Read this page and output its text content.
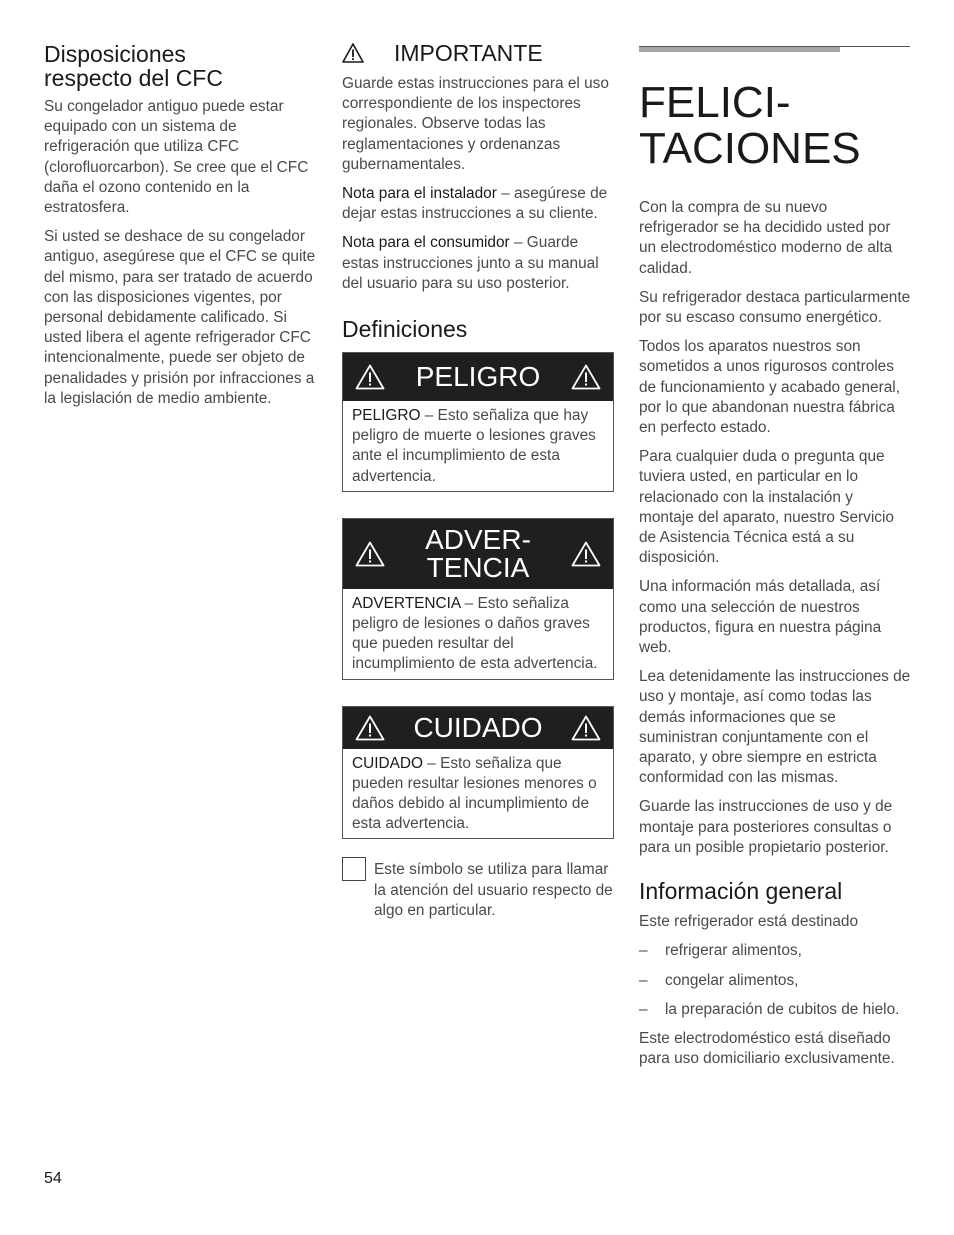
Disposiciones
respecto del CFC

Su congelador antiguo puede estar equipado con un sistema de refrigeración que utiliza CFC (clorofluorcarbon). Se cree que el CFC daña el ozono contenido en la estratosfera.

Si usted se deshace de su congelador antiguo, asegúrese que el CFC se quite del mismo, para ser tratado de acuerdo con las disposiciones vigentes, por personal debidamente calificado. Si usted libera el agente refrigerador CFC intencionalmente, puede ser objeto de penalidades y prisión por infracciones a la legislación de medio ambiente.

IMPORTANTE

Guarde estas instrucciones para el uso correspondiente de los inspectores regionales. Observe todas las reglamentaciones y ordenanzas gubernamentales.

Nota para el instalador – asegúrese de dejar estas instrucciones a su cliente.

Nota para el consumidor – Guarde estas instrucciones junto a su manual del usuario para su uso posterior.

Definiciones
PELIGRO

PELIGRO – Esto señaliza que hay peligro de muerte o lesiones graves ante el incumplimiento de esta advertencia.

ADVER-
TENCIA

ADVERTENCIA – Esto señaliza peligro de lesiones o daños graves que pueden resultar del incumplimiento de esta advertencia.

CUIDADO

CUIDADO – Esto señaliza que pueden resultar lesiones menores o daños debido al incumplimiento de esta advertencia.

Este símbolo se utiliza para llamar la atención del usuario respecto de algo en particular.

FELICI-
TACIONES

Con la compra de su nuevo refrigerador se ha decidido usted por un electrodoméstico moderno de alta calidad.

Su refrigerador destaca particularmente por su escaso consumo energético.

Todos los aparatos nuestros son sometidos a unos rigurosos controles de funcionamiento y acabado general, por lo que abandonan nuestra fábrica en perfecto estado.

Para cualquier duda o pregunta que tuviera usted, en particular en lo relacionado con la instalación y montaje del aparato, nuestro Servicio de Asistencia Técnica está a su disposición.

Una información más detallada, así como una selección de nuestros productos, figura en nuestra página web.

Lea detenidamente las instrucciones de uso y montaje, así como todas las demás informaciones que se suministran conjuntamente con el aparato, y obre siempre en estricta conformidad con las mismas.

Guarde las instrucciones de uso y de montaje para posteriores consultas o para un posible propietario posterior.

Información general

Este refrigerador está destinado

–	refrigerar alimentos,
–	congelar alimentos,
–	la preparación de cubitos de hielo.

Este electrodoméstico está diseñado para uso domiciliario exclusivamente.

54
